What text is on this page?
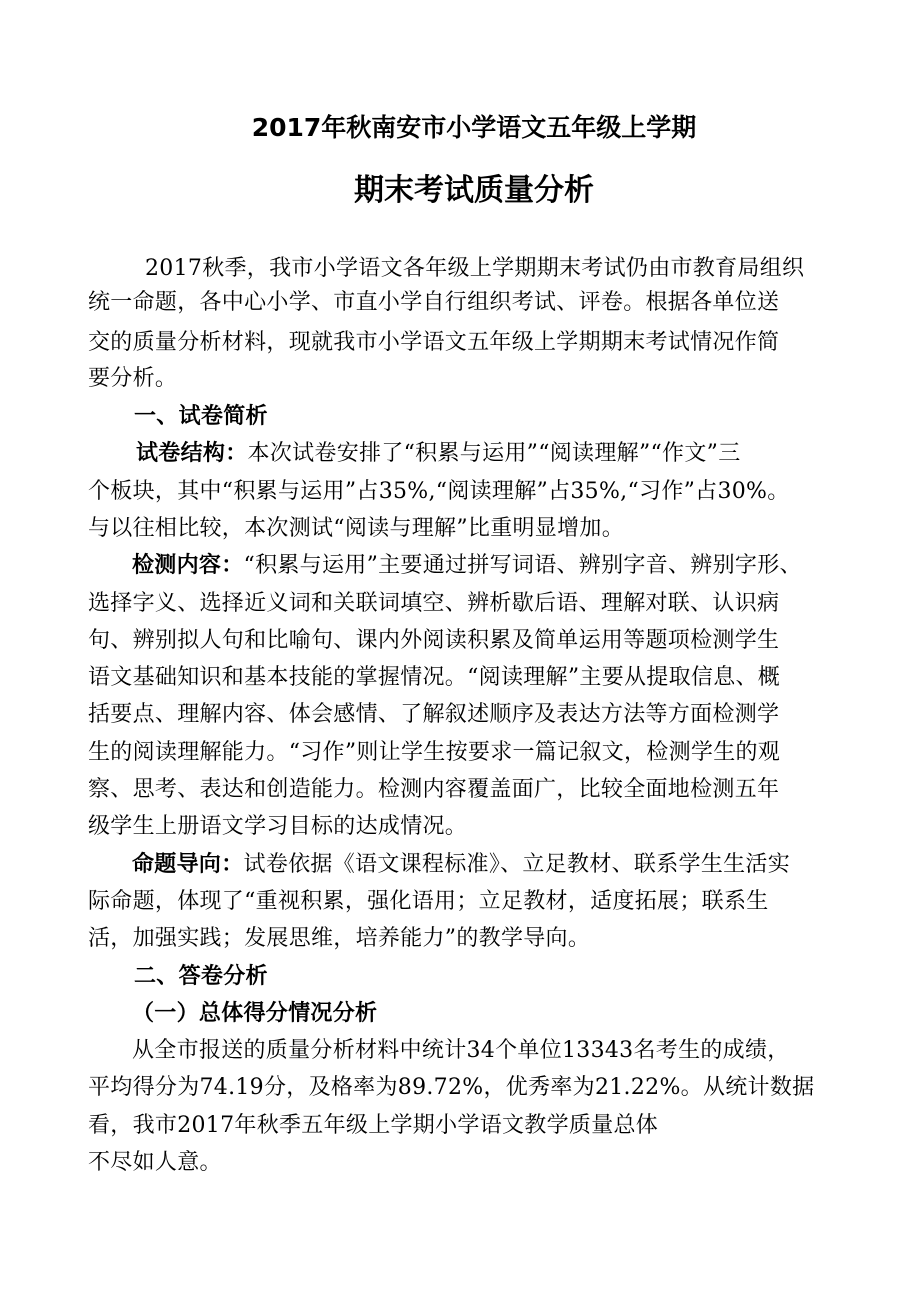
2017年秋南安市小学语文五年级上学期
期末考试质量分析
2017秋季，我市小学语文各年级上学期期末考试仍由市教育局组织
统一命题，各中心小学、市直小学自行组织考试、评卷。根据各单位送
交的质量分析材料，现就我市小学语文五年级上学期期末考试情况作简
要分析。
一、试卷简析
试卷结构：本次试卷安排了“积累与运用”“阅读理解”“作文”三
个板块，其中“积累与运用”占35%,“阅读理解”占35%,“习作”占30%。
与以往相比较，本次测试“阅读与理解”比重明显增加。
检测内容：“积累与运用”主要通过拼写词语、辨别字音、辨别字形、
选择字义、选择近义词和关联词填空、辨析歇后语、理解对联、认识病
句、辨别拟人句和比喻句、课内外阅读积累及简单运用等题项检测学生
语文基础知识和基本技能的掌握情况。“阅读理解”主要从提取信息、概
括要点、理解内容、体会感情、了解叙述顺序及表达方法等方面检测学
生的阅读理解能力。“习作”则让学生按要求一篇记叙文，检测学生的观
察、思考、表达和创造能力。检测内容覆盖面广，比较全面地检测五年
级学生上册语文学习目标的达成情况。
命题导向：试卷依据《语文课程标准》、立足教材、联系学生生活实
际命题，体现了“重视积累，强化语用；立足教材，适度拓展；联系生
活，加强实践；发展思维，培养能力”的教学导向。
二、答卷分析
（一）总体得分情况分析
从全市报送的质量分析材料中统计34个单位13343名考生的成绩，
平均得分为74.19分，及格率为89.72%，优秀率为21.22%。从统计数据
看，我市2017年秋季五年级上学期小学语文教学质量总体
不尽如人意。
